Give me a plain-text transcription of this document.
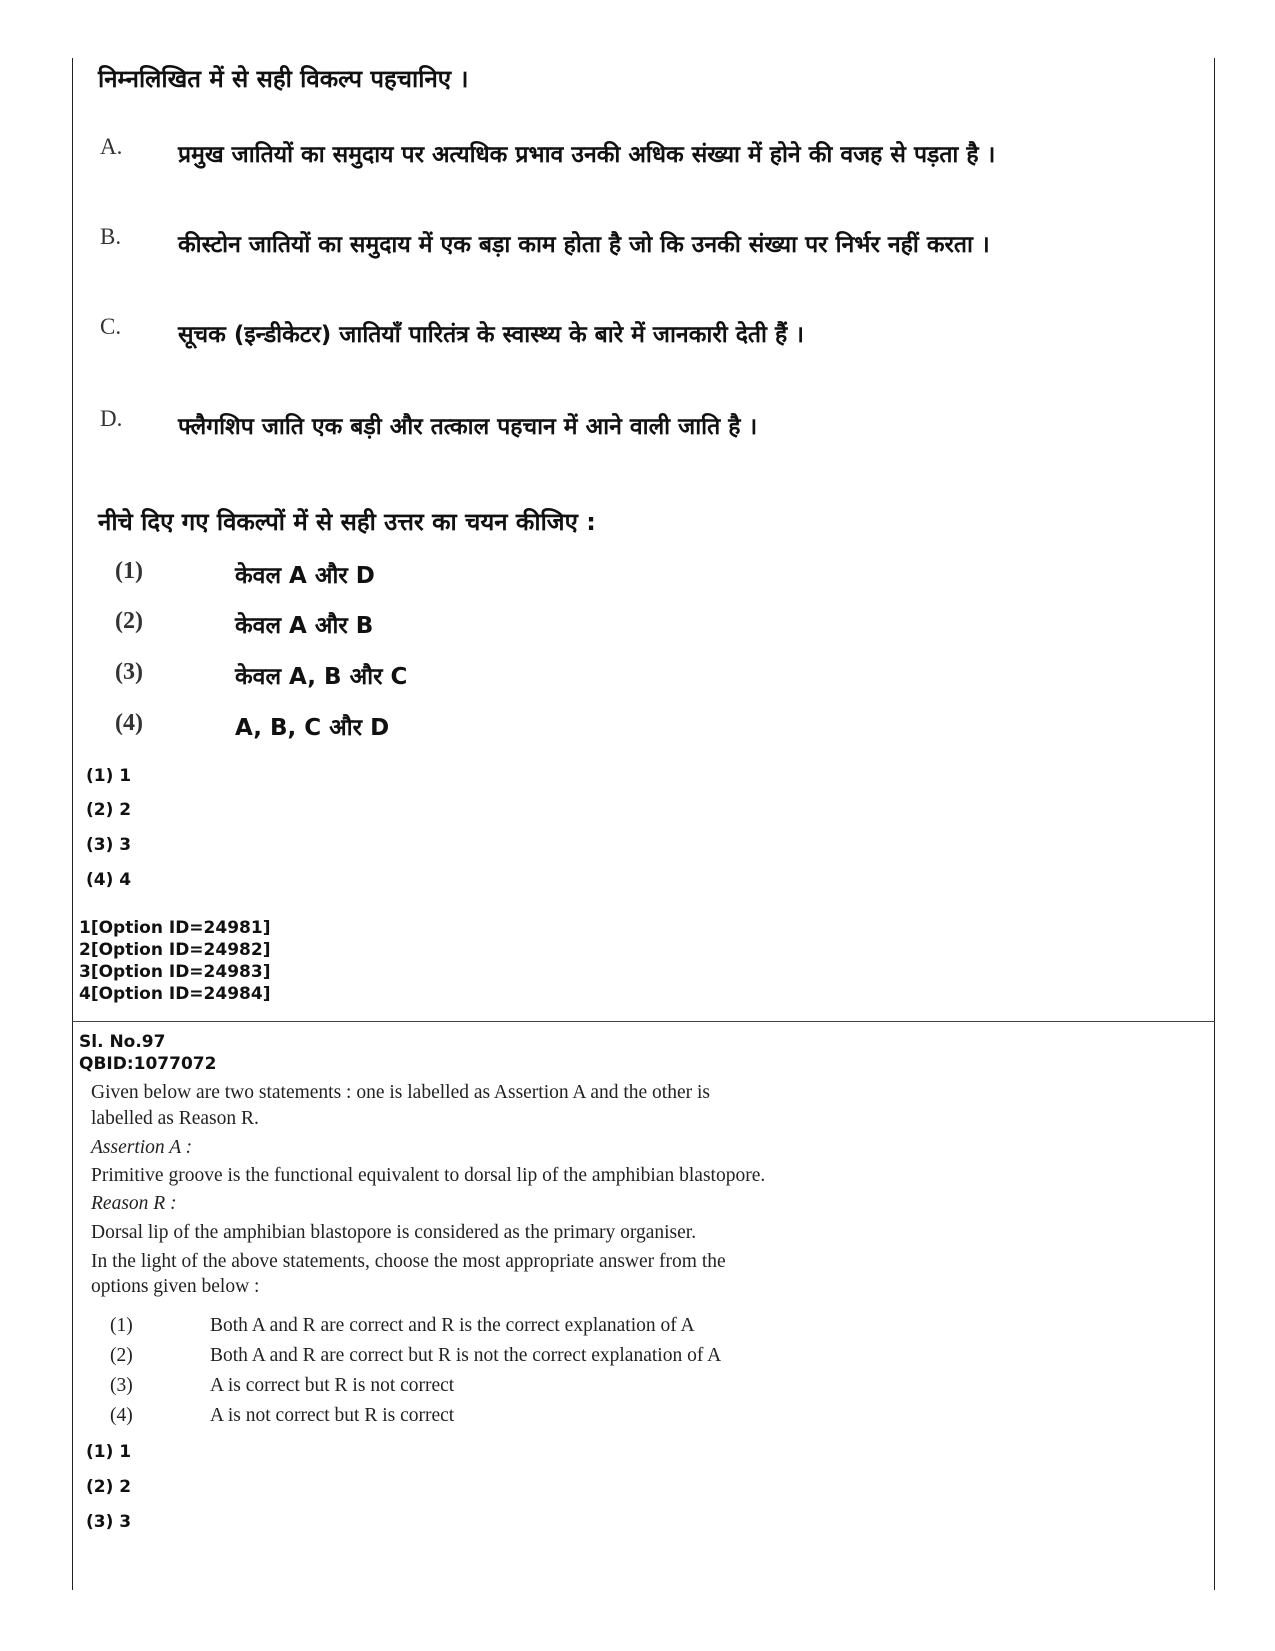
निम्नलिखित में से सही विकल्प पहचानिए ।
A. प्रमुख जातियों का समुदाय पर अत्यधिक प्रभाव उनकी अधिक संख्या में होने की वजह से पड़ता है ।
B. कीस्टोन जातियों का समुदाय में एक बड़ा काम होता है जो कि उनकी संख्या पर निर्भर नहीं करता ।
C. सूचक (इन्डीकेटर) जातियाँ पारितंत्र के स्वास्थ्य के बारे में जानकारी देती हैं ।
D. फ्लैगशिप जाति एक बड़ी और तत्काल पहचान में आने वाली जाति है ।
नीचे दिए गए विकल्पों में से सही उत्तर का चयन कीजिए :
(1)	केवल A और D
(2)	केवल A और B
(3)	केवल A, B और C
(4)	A, B, C और D
(1) 1
(2) 2
(3) 3
(4) 4
1[Option ID=24981]
2[Option ID=24982]
3[Option ID=24983]
4[Option ID=24984]
Sl. No.97
QBID:1077072
Given below are two statements : one is labelled as Assertion A and the other is
labelled as Reason R.
Assertion A :
Primitive groove is the functional equivalent to dorsal lip of the amphibian blastopore.
Reason R :
Dorsal lip of the amphibian blastopore is considered as the primary organiser.
In the light of the above statements, choose the most appropriate answer from the
options given below :
(1)	Both A and R are correct and R is the correct explanation of A
(2)	Both A and R are correct but R is not the correct explanation of A
(3)	A is correct but R is not correct
(4)	A is not correct but R is correct
(1) 1
(2) 2
(3) 3
